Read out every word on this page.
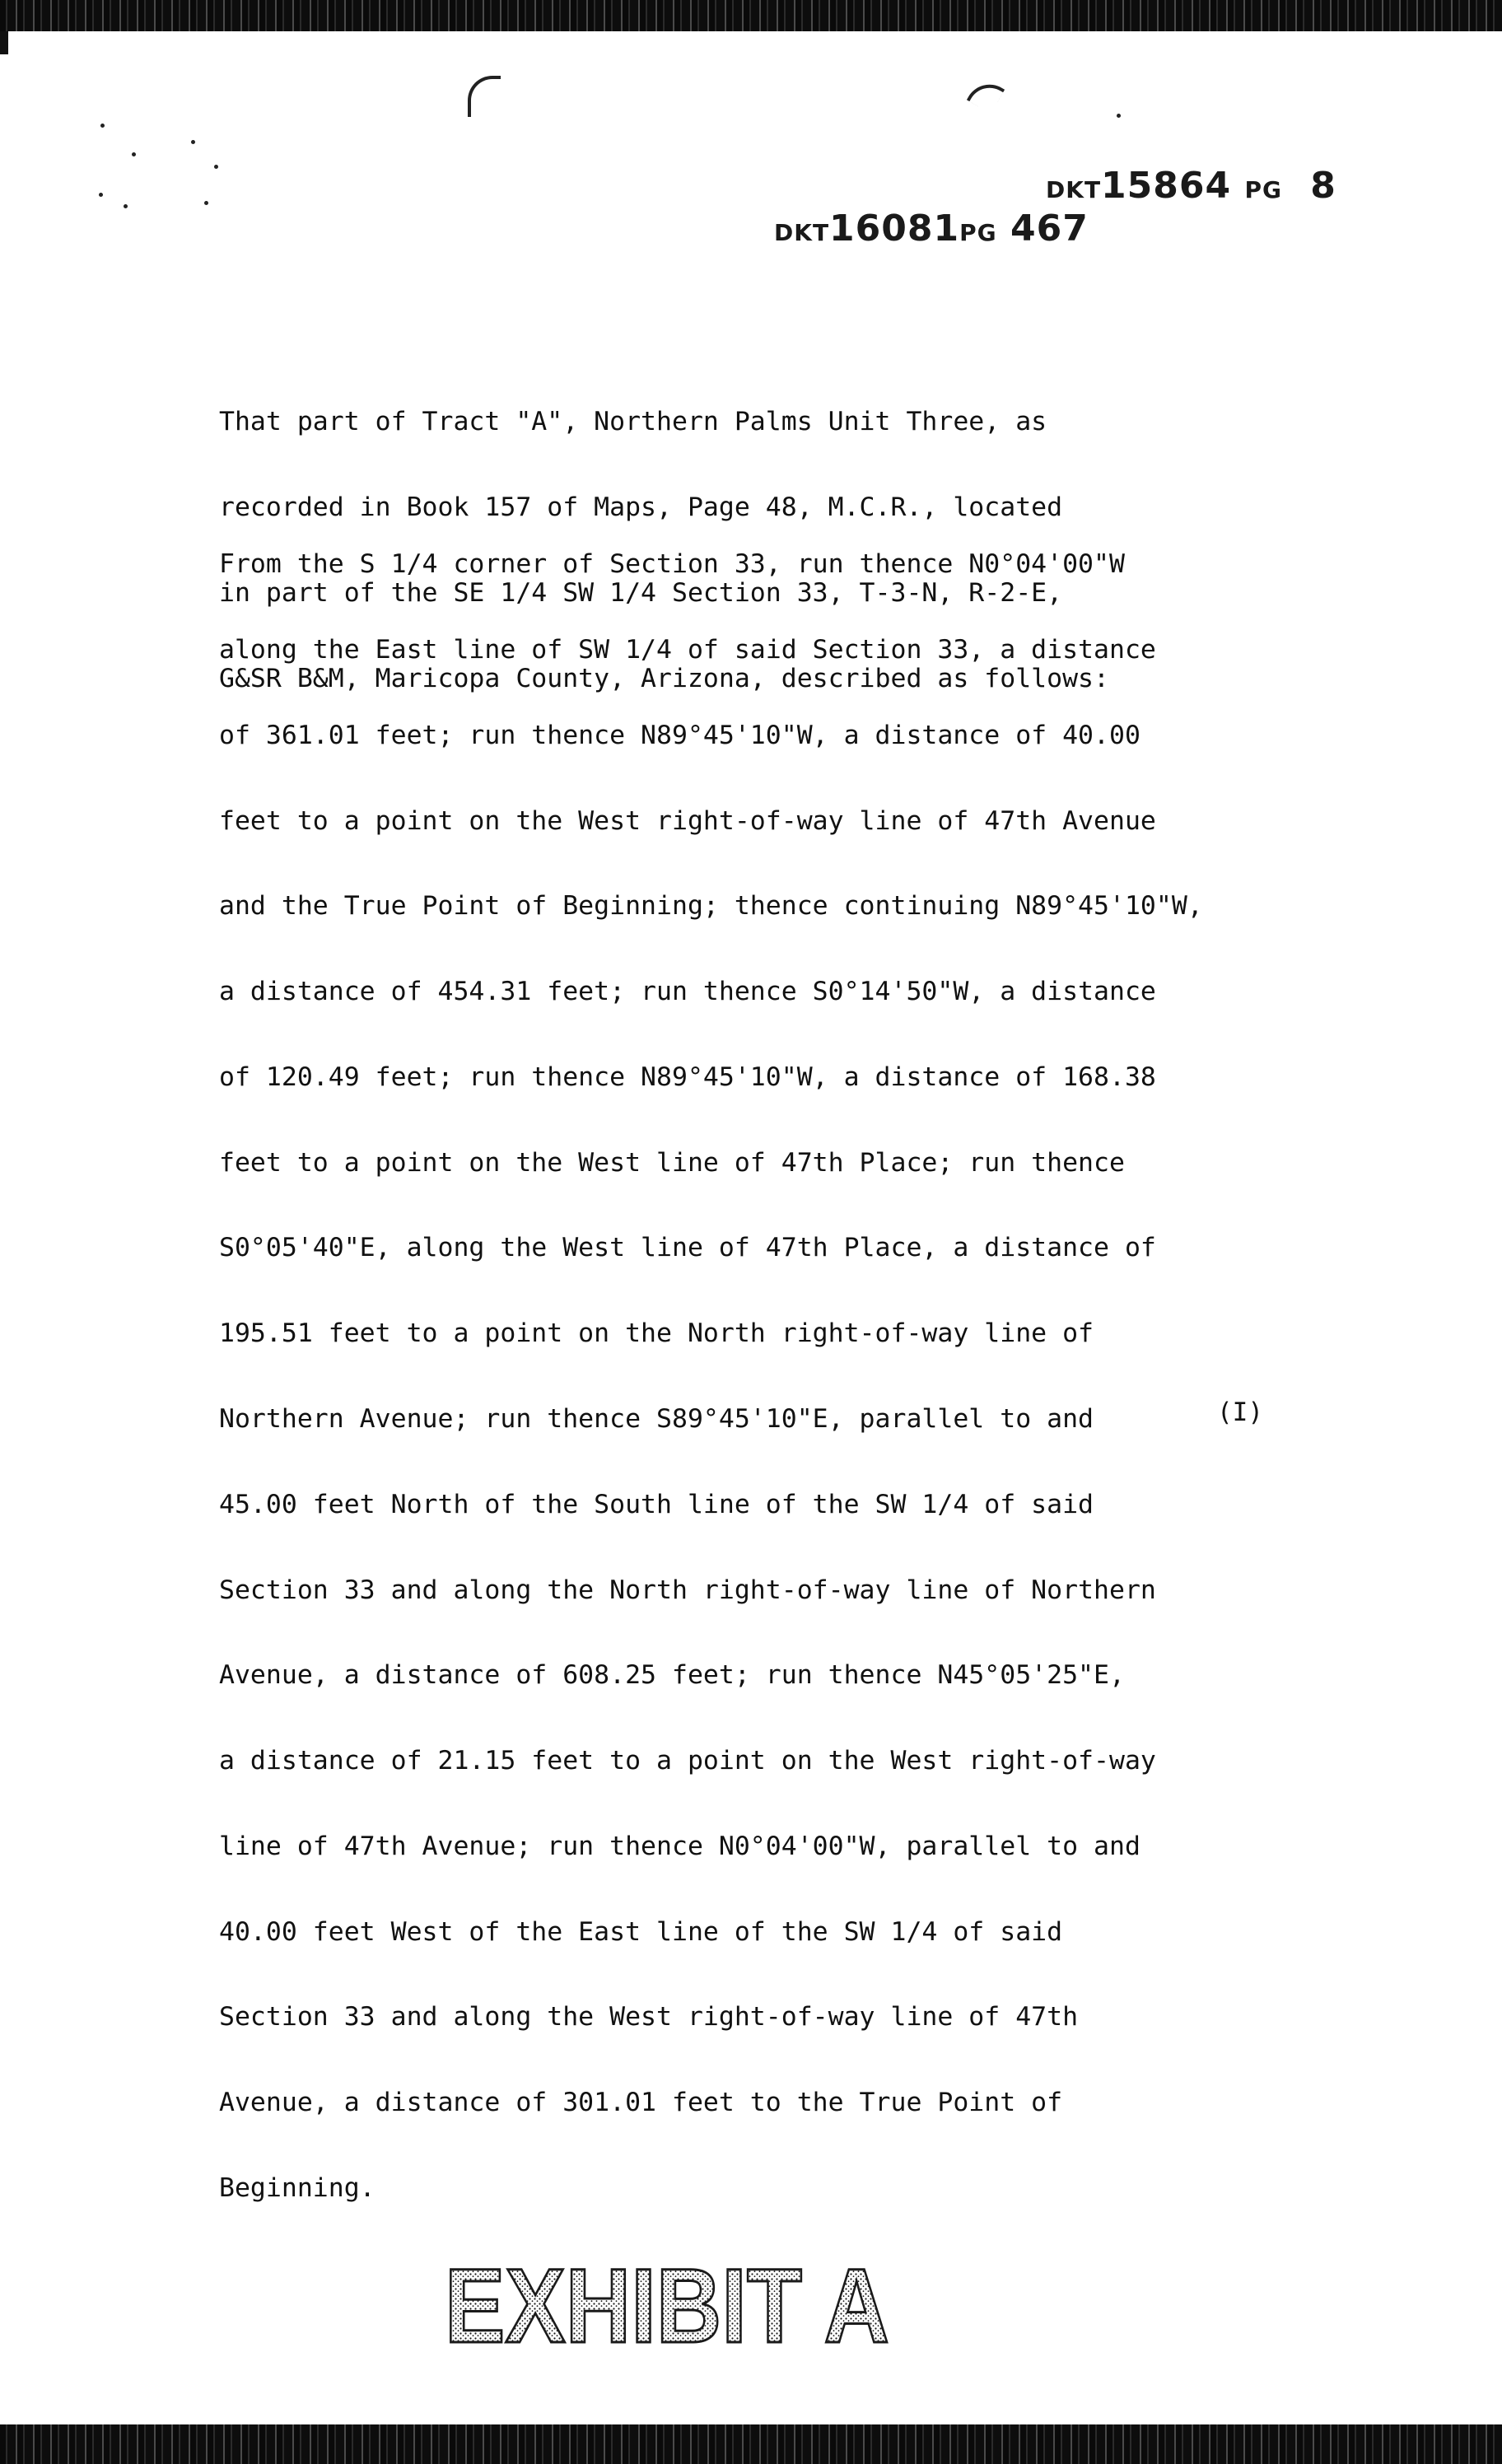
DKT15864 PG 8
DKT16081PG 467

That part of Tract "A", Northern Palms Unit Three, as

recorded in Book 157 of Maps, Page 48, M.C.R., located

in part of the SE 1/4 SW 1/4 Section 33, T-3-N, R-2-E,

G&SR B&M, Maricopa County, Arizona, described as follows:

From the S 1/4 corner of Section 33, run thence N0°04'00"W

along the East line of SW 1/4 of said Section 33, a distance

of 361.01 feet; run thence N89°45'10"W, a distance of 40.00

feet to a point on the West right-of-way line of 47th Avenue

and the True Point of Beginning; thence continuing N89°45'10"W,

a distance of 454.31 feet; run thence S0°14'50"W, a distance

of 120.49 feet; run thence N89°45'10"W, a distance of 168.38

feet to a point on the West line of 47th Place; run thence

S0°05'40"E, along the West line of 47th Place, a distance of

195.51 feet to a point on the North right-of-way line of

Northern Avenue; run thence S89°45'10"E, parallel to and

45.00 feet North of the South line of the SW 1/4 of said

Section 33 and along the North right-of-way line of Northern

Avenue, a distance of 608.25 feet; run thence N45°05'25"E,

a distance of 21.15 feet to a point on the West right-of-way

line of 47th Avenue; run thence N0°04'00"W, parallel to and

40.00 feet West of the East line of the SW 1/4 of said

Section 33 and along the West right-of-way line of 47th

Avenue, a distance of 301.01 feet to the True Point of

Beginning.

(I)
EXHIBIT A
